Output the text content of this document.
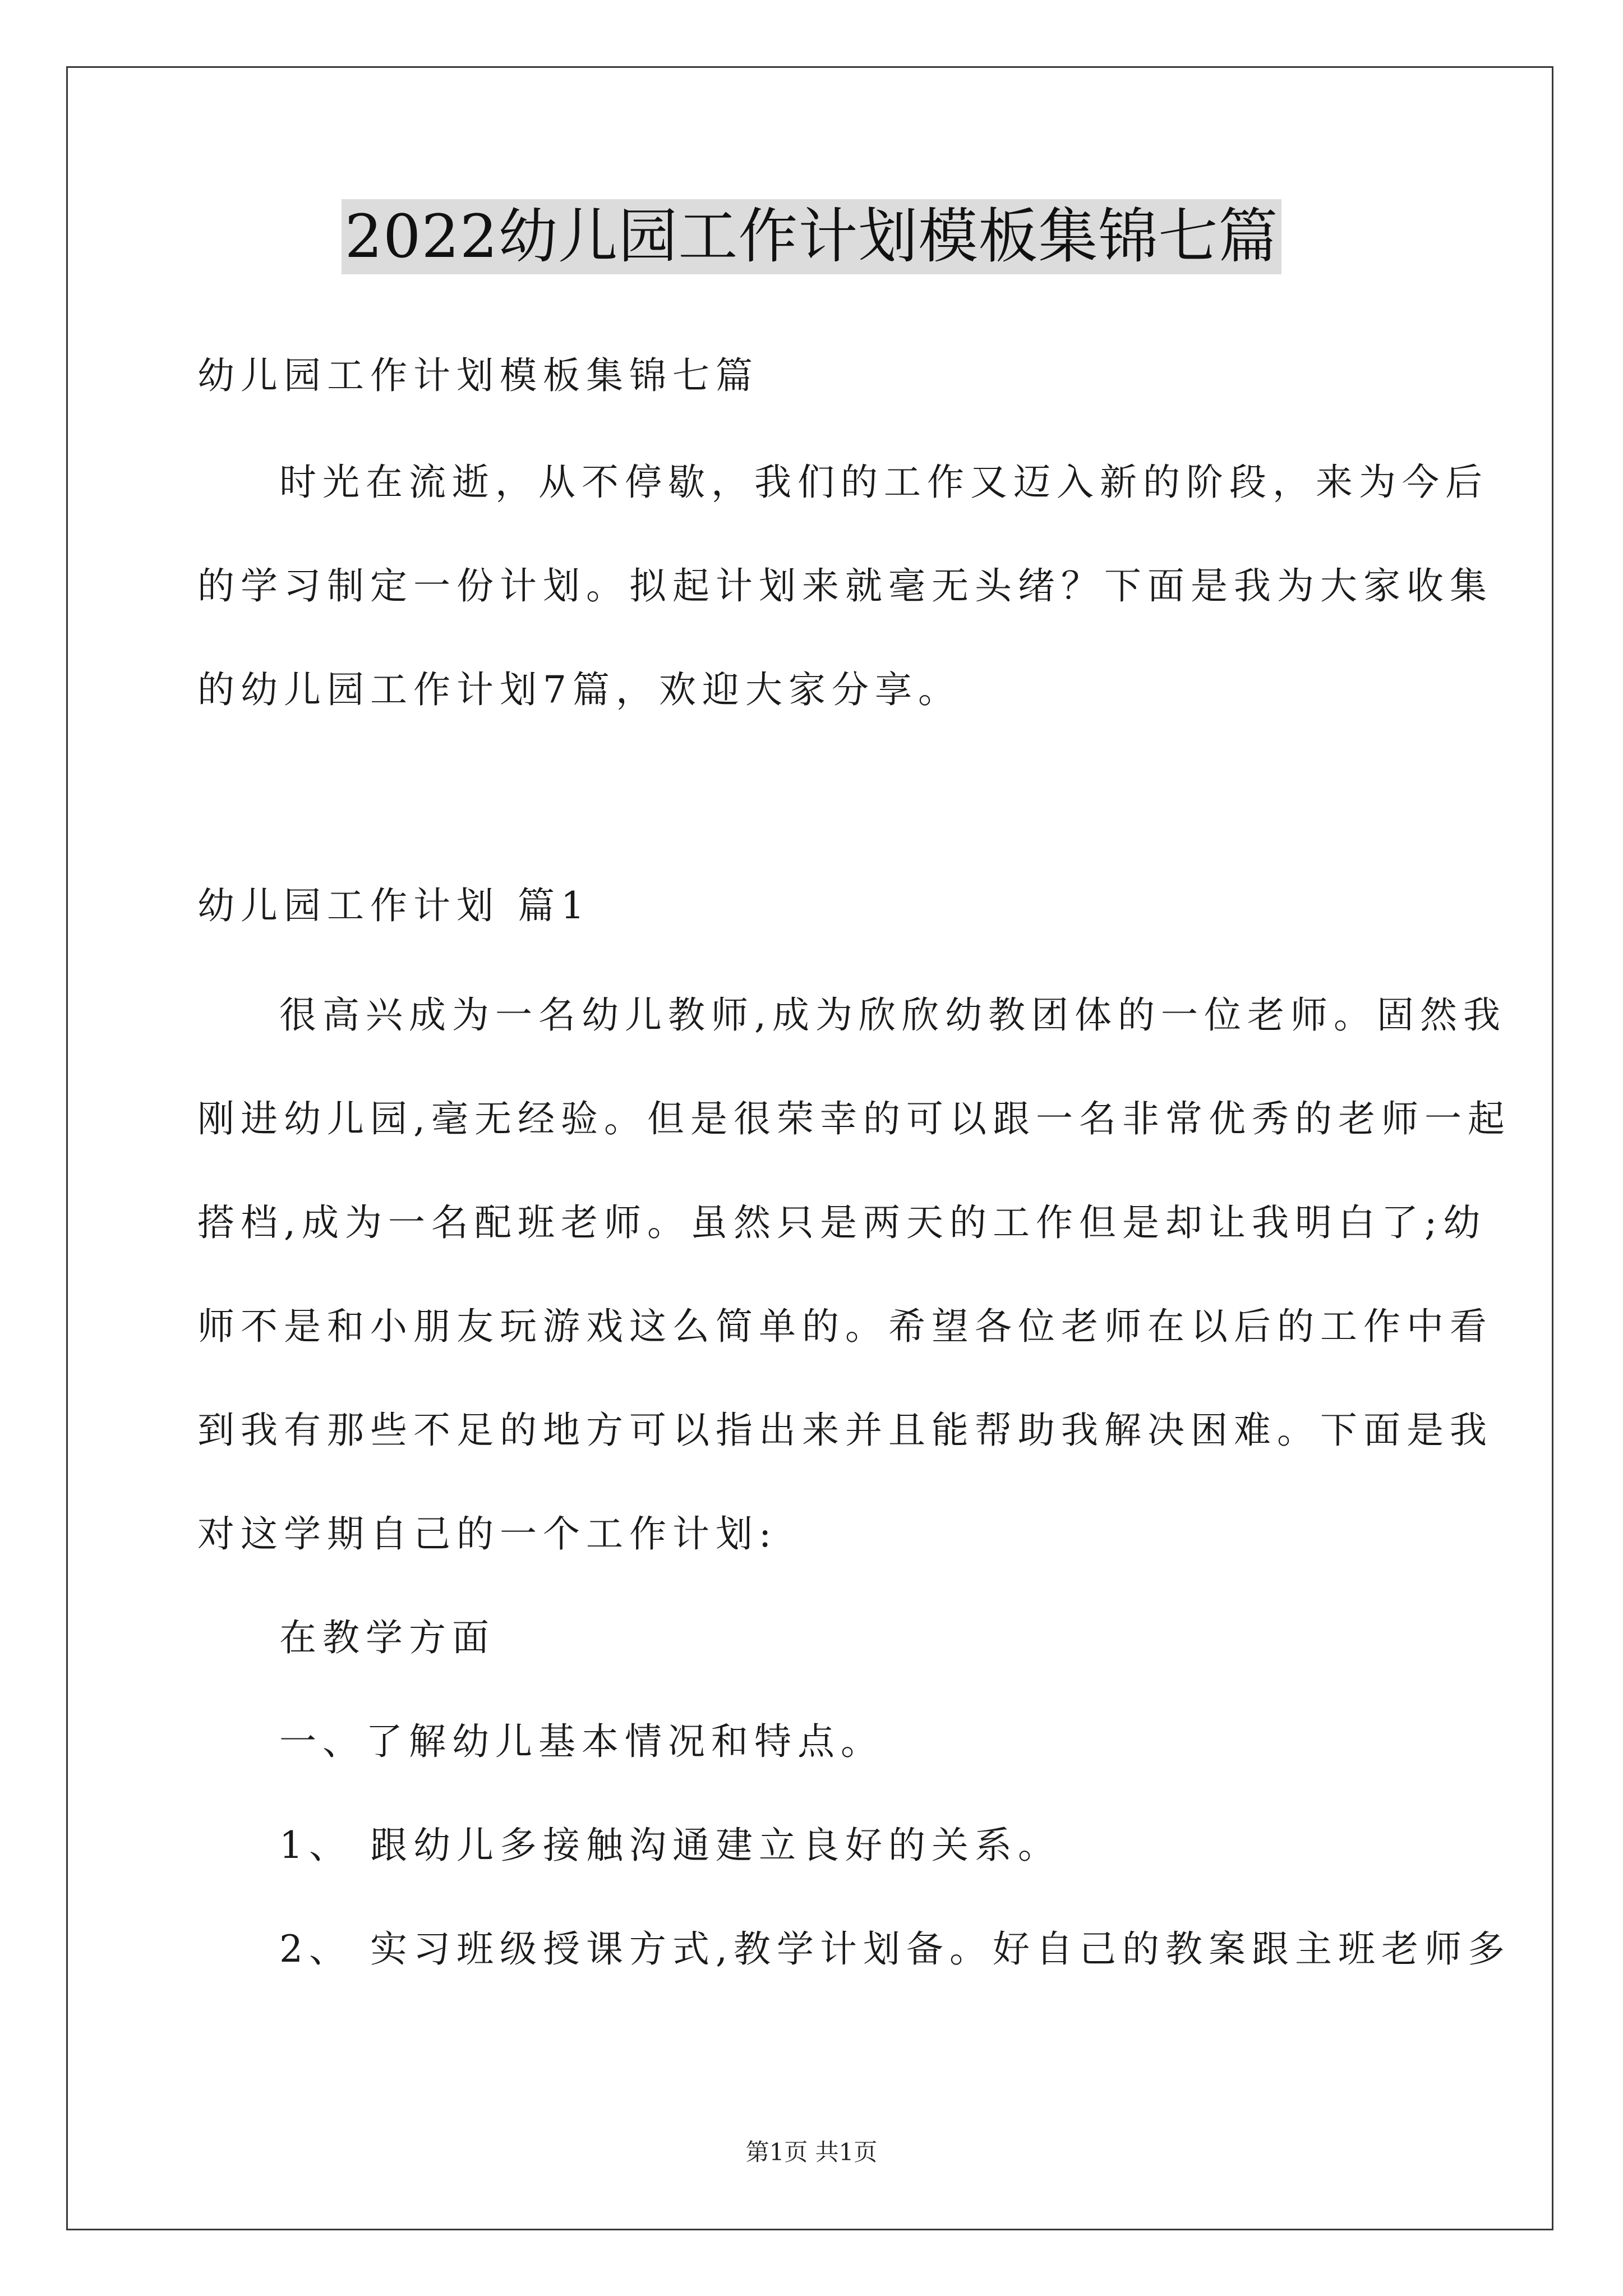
2022幼儿园工作计划模板集锦七篇
幼儿园工作计划模板集锦七篇
时光在流逝，从不停歇，我们的工作又迈入新的阶段，来为今后
的学习制定一份计划。拟起计划来就毫无头绪？下面是我为大家收集
的幼儿园工作计划7篇，欢迎大家分享。
幼儿园工作计划 篇1
很高兴成为一名幼儿教师,成为欣欣幼教团体的一位老师。固然我
刚进幼儿园,毫无经验。但是很荣幸的可以跟一名非常优秀的老师一起
搭档,成为一名配班老师。虽然只是两天的工作但是却让我明白了;幼
师不是和小朋友玩游戏这么简单的。希望各位老师在以后的工作中看
到我有那些不足的地方可以指出来并且能帮助我解决困难。下面是我
对这学期自己的一个工作计划:
在教学方面
一、了解幼儿基本情况和特点。
1、 跟幼儿多接触沟通建立良好的关系。
2、 实习班级授课方式,教学计划备。好自己的教案跟主班老师多
第1页 共1页
